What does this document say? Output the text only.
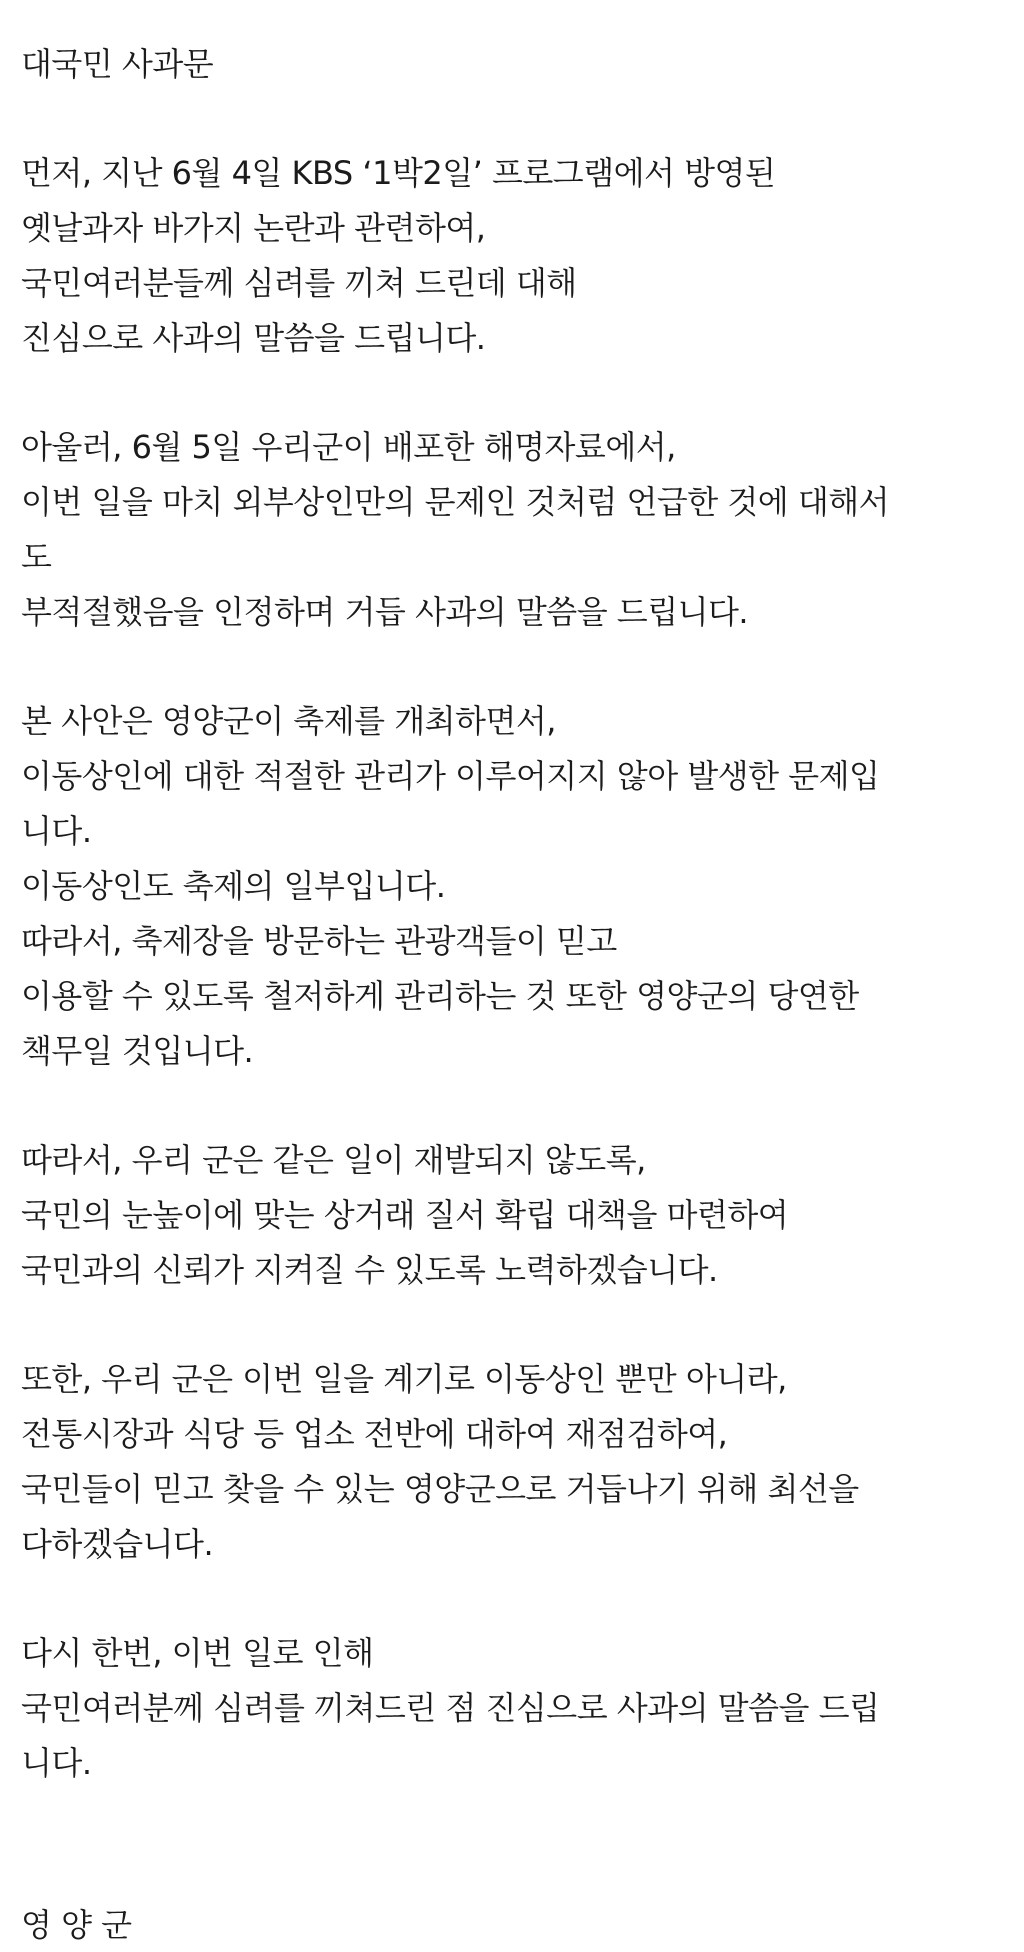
대국민 사과문
먼저, 지난 6월 4일 KBS ‘1박2일’ 프로그램에서 방영된
옛날과자 바가지 논란과 관련하여,
국민여러분들께 심려를 끼쳐 드린데 대해
진심으로 사과의 말씀을 드립니다.
아울러, 6월 5일 우리군이 배포한 해명자료에서,
이번 일을 마치 외부상인만의 문제인 것처럼 언급한 것에 대해서
도
부적절했음을 인정하며 거듭 사과의 말씀을 드립니다.
본 사안은 영양군이 축제를 개최하면서,
이동상인에 대한 적절한 관리가 이루어지지 않아 발생한 문제입
니다.
이동상인도 축제의 일부입니다.
따라서, 축제장을 방문하는 관광객들이 믿고
이용할 수 있도록 철저하게 관리하는 것 또한 영양군의 당연한
책무일 것입니다.
따라서, 우리 군은 같은 일이 재발되지 않도록,
국민의 눈높이에 맞는 상거래 질서 확립 대책을 마련하여
국민과의 신뢰가 지켜질 수 있도록 노력하겠습니다.
또한, 우리 군은 이번 일을 계기로 이동상인 뿐만 아니라,
전통시장과 식당 등 업소 전반에 대하여 재점검하여,
국민들이 믿고 찾을 수 있는 영양군으로 거듭나기 위해 최선을
다하겠습니다.
다시 한번, 이번 일로 인해
국민여러분께 심려를 끼쳐드린 점 진심으로 사과의 말씀을 드립
니다.
영 양 군
